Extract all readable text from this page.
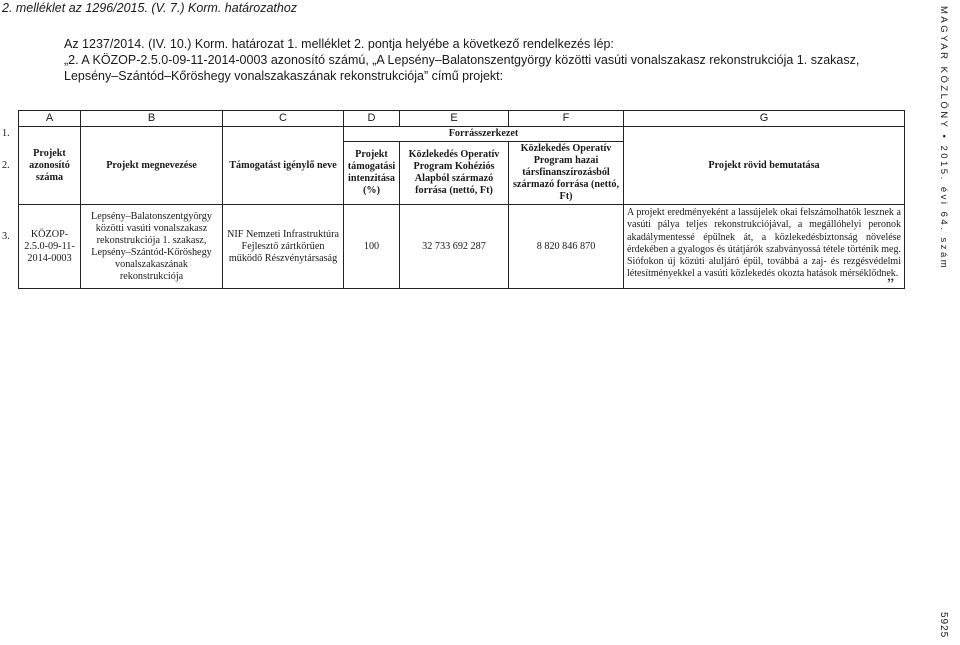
2. melléklet az 1296/2015. (V. 7.) Korm. határozathoz
Az 1237/2014. (IV. 10.) Korm. határozat 1. melléklet 2. pontja helyébe a következő rendelkezés lép:
„2. A KÖZOP-2.5.0-09-11-2014-0003 azonosító számú, „A Lepsény–Balatonszentgyörgy közötti vasúti vonalszakasz rekonstrukciója 1. szakasz,
Lepsény–Szántód–Kőröshegy vonalszakaszának rekonstrukciója” című projekt:	MAGYAR KÖZLÖNY • 2015. évi 64. szám
5925
1.
2.
3.
A	B	C	D	E	F	G
Projekt azonosító száma	Projekt megnevezése	Támogatást igénylő neve	Forrásszerkezet			Projekt rövid bemutatása
			Projekt támogatási intenzitása (%)	Közlekedés Operatív Program Kohéziós Alapból származó forrása (nettó, Ft)	Közlekedés Operatív Program hazai társfinanszírozásból származó forrása (nettó, Ft)	
KÖZOP-2.5.0-09-11-2014-0003	Lepsény–Balatonszentgyörgy közötti vasúti vonalszakasz rekonstrukciója 1. szakasz, Lepsény–Szántód-Kőröshegy vonalszakaszának rekonstrukciója	NIF Nemzeti Infrastruktúra Fejlesztő zártkörűen működő Részvénytársaság	100	32 733 692 287	8 820 846 870	A projekt eredményeként a lassújelek okai felszámolhatók lesznek a vasúti pálya teljes rekonstrukciójával, a megállóhelyi peronok akadálymentessé épülnek át, a közlekedésbiztonság növelése érdekében a gyalogos és útátjárók szabványossá tétele történik meg. Siófokon új közúti aluljáró épül, továbbá a zaj- és rezgésvédelmi létesítményekkel a vasúti közlekedés okozta hatások mérséklődnek.
”
